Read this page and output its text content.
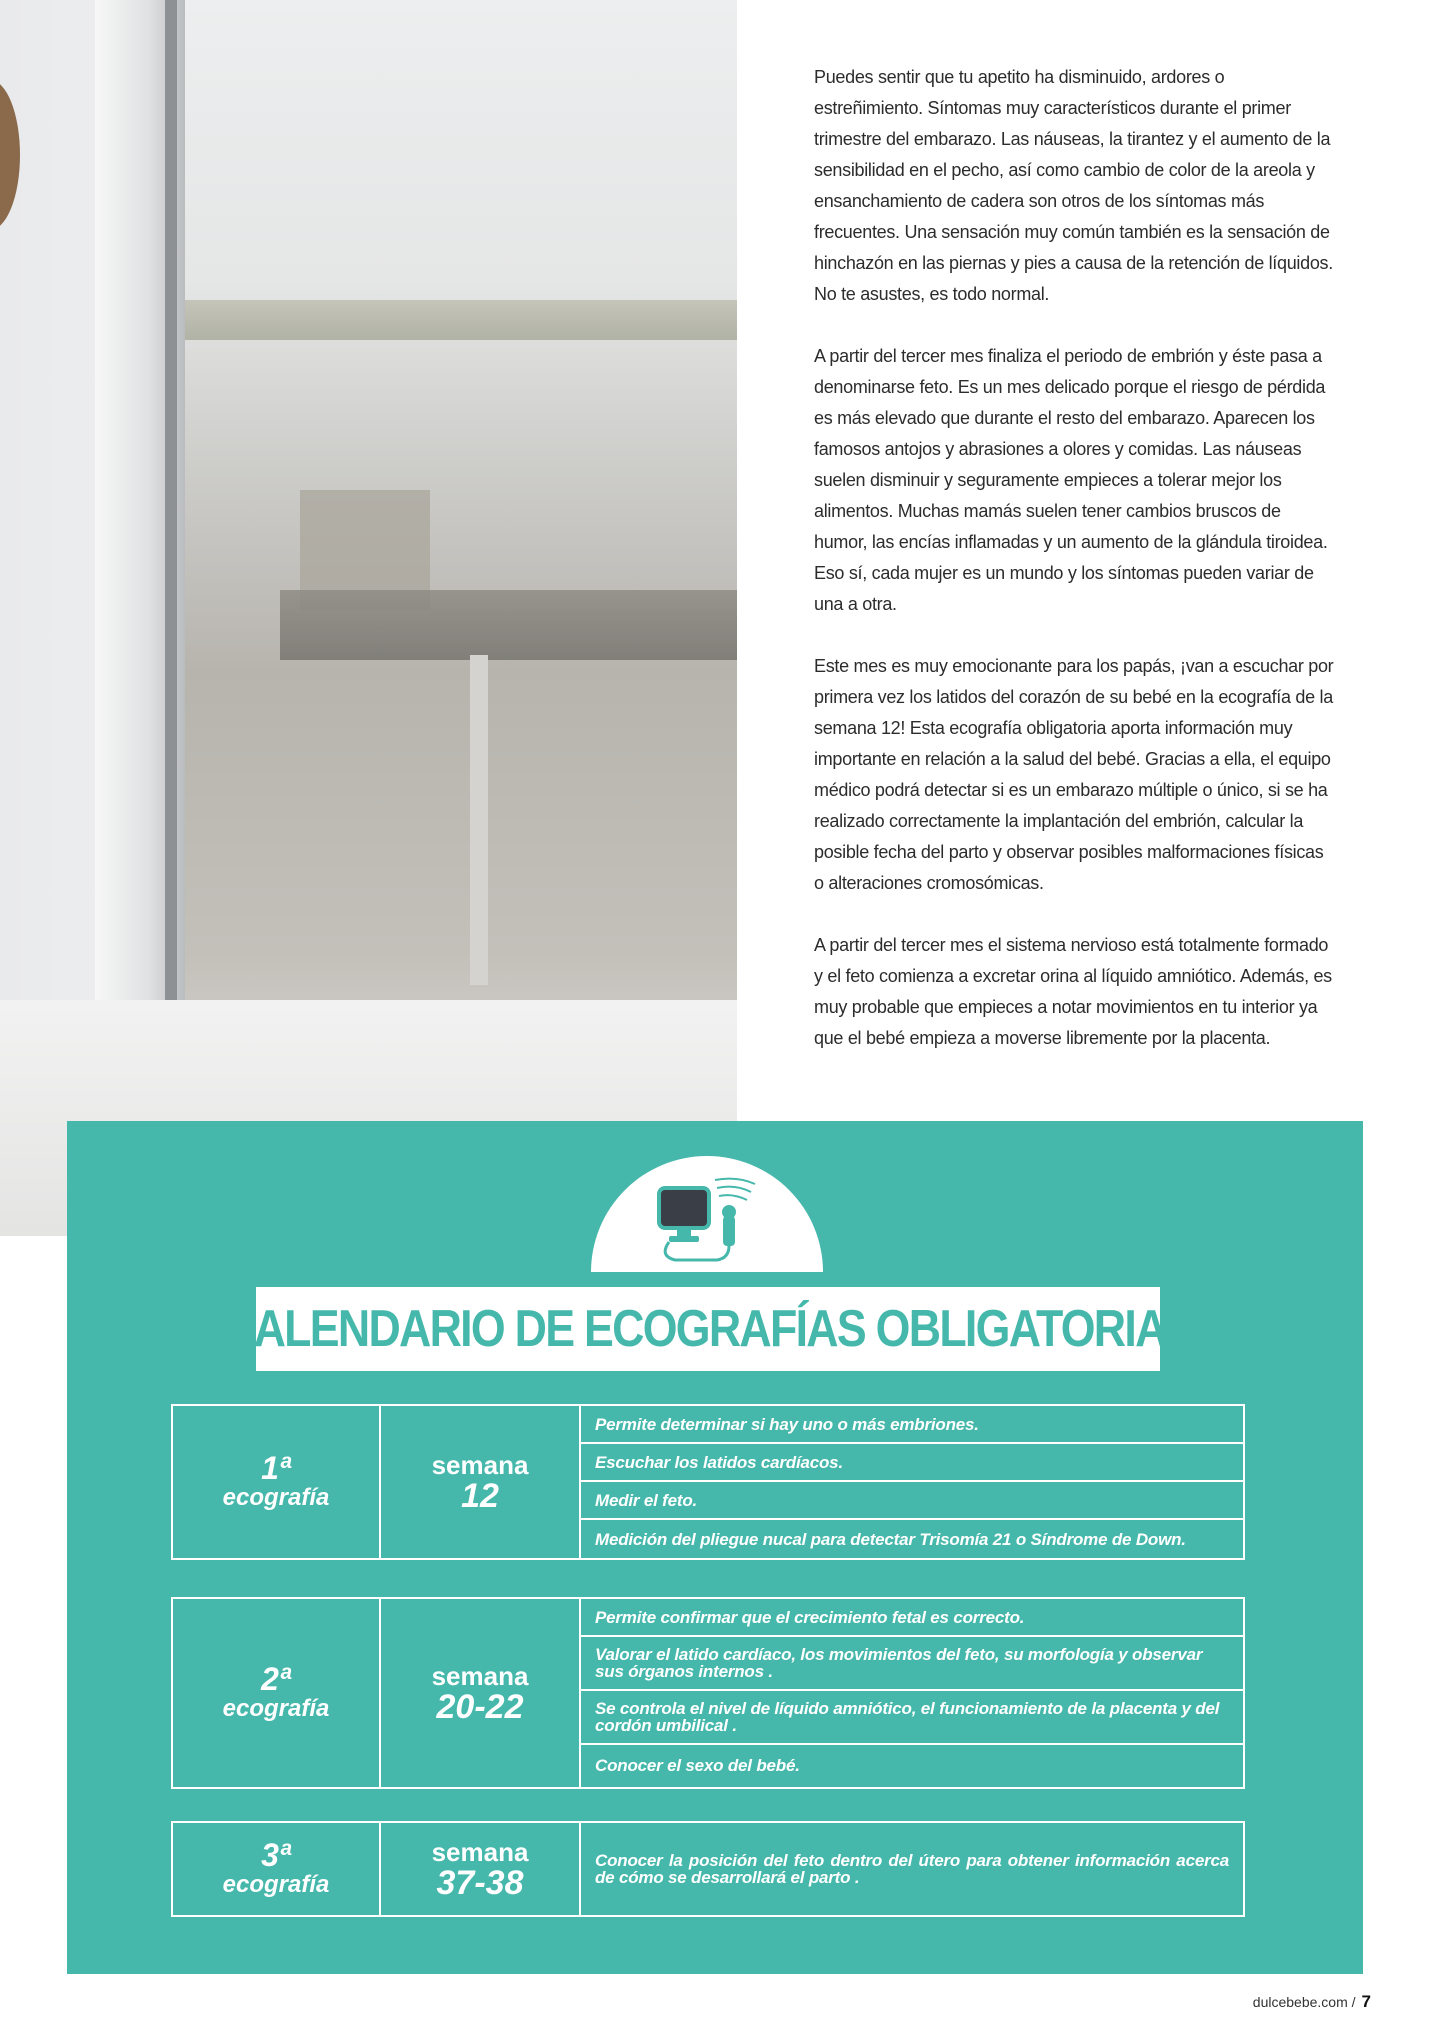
Puedes sentir que tu apetito ha disminuido, ardores o estreñimiento. Síntomas muy característicos durante el primer trimestre del embarazo. Las náuseas, la tirantez y el aumento de la sensibilidad en el pecho, así como cambio de color de la areola y ensanchamiento de cadera son otros de los síntomas más frecuentes. Una sensación muy común también es la sensación de hinchazón en las piernas y pies a causa de la retención de líquidos. No te asustes, es todo normal.

A partir del tercer mes finaliza el periodo de embrión y éste pasa a denominarse feto. Es un mes delicado porque el riesgo de pérdida es más elevado que durante el resto del embarazo. Aparecen los famosos antojos y abrasiones a olores y comidas. Las náuseas suelen disminuir y seguramente empieces a tolerar mejor los alimentos. Muchas mamás suelen tener cambios bruscos de humor, las encías inflamadas y un aumento de la glándula tiroidea. Eso sí, cada mujer es un mundo y los síntomas pueden variar de una a otra.

Este mes es muy emocionante para los papás, ¡van a escuchar por primera vez los latidos del corazón de su bebé en la ecografía de la semana 12! Esta ecografía obligatoria aporta información muy importante en relación a la salud del bebé. Gracias a ella, el equipo médico podrá detectar si es un embarazo múltiple o único, si se ha realizado correctamente la implantación del embrión, calcular la posible fecha del parto y observar posibles malformaciones físicas o alteraciones cromosómicas.

A partir del tercer mes el sistema nervioso está totalmente formado y el feto comienza a excretar orina al líquido amniótico. Además, es muy probable que empieces a notar movimientos en tu interior ya que el bebé empieza a moverse libremente por la placenta.

CALENDARIO DE ECOGRAFÍAS OBLIGATORIAS
1ª
ecografía
semana
12
Permite determinar si hay uno o más embriones.
Escuchar los latidos cardíacos.
Medir el feto.
Medición del pliegue nucal para detectar Trisomía 21 o Síndrome de Down.
2ª
ecografía
semana
20-22
Permite confirmar que el crecimiento fetal es correcto.
Valorar el latido cardíaco, los movimientos del feto, su morfología y observar sus órganos internos .
Se controla el nivel de líquido amniótico, el funcionamiento de la placenta y del cordón umbilical .
Conocer el sexo del bebé.
3ª
ecografía
semana
37-38
Conocer la posición del feto dentro del útero para obtener información acerca de cómo se desarrollará el parto .
dulcebebe.com / 7
